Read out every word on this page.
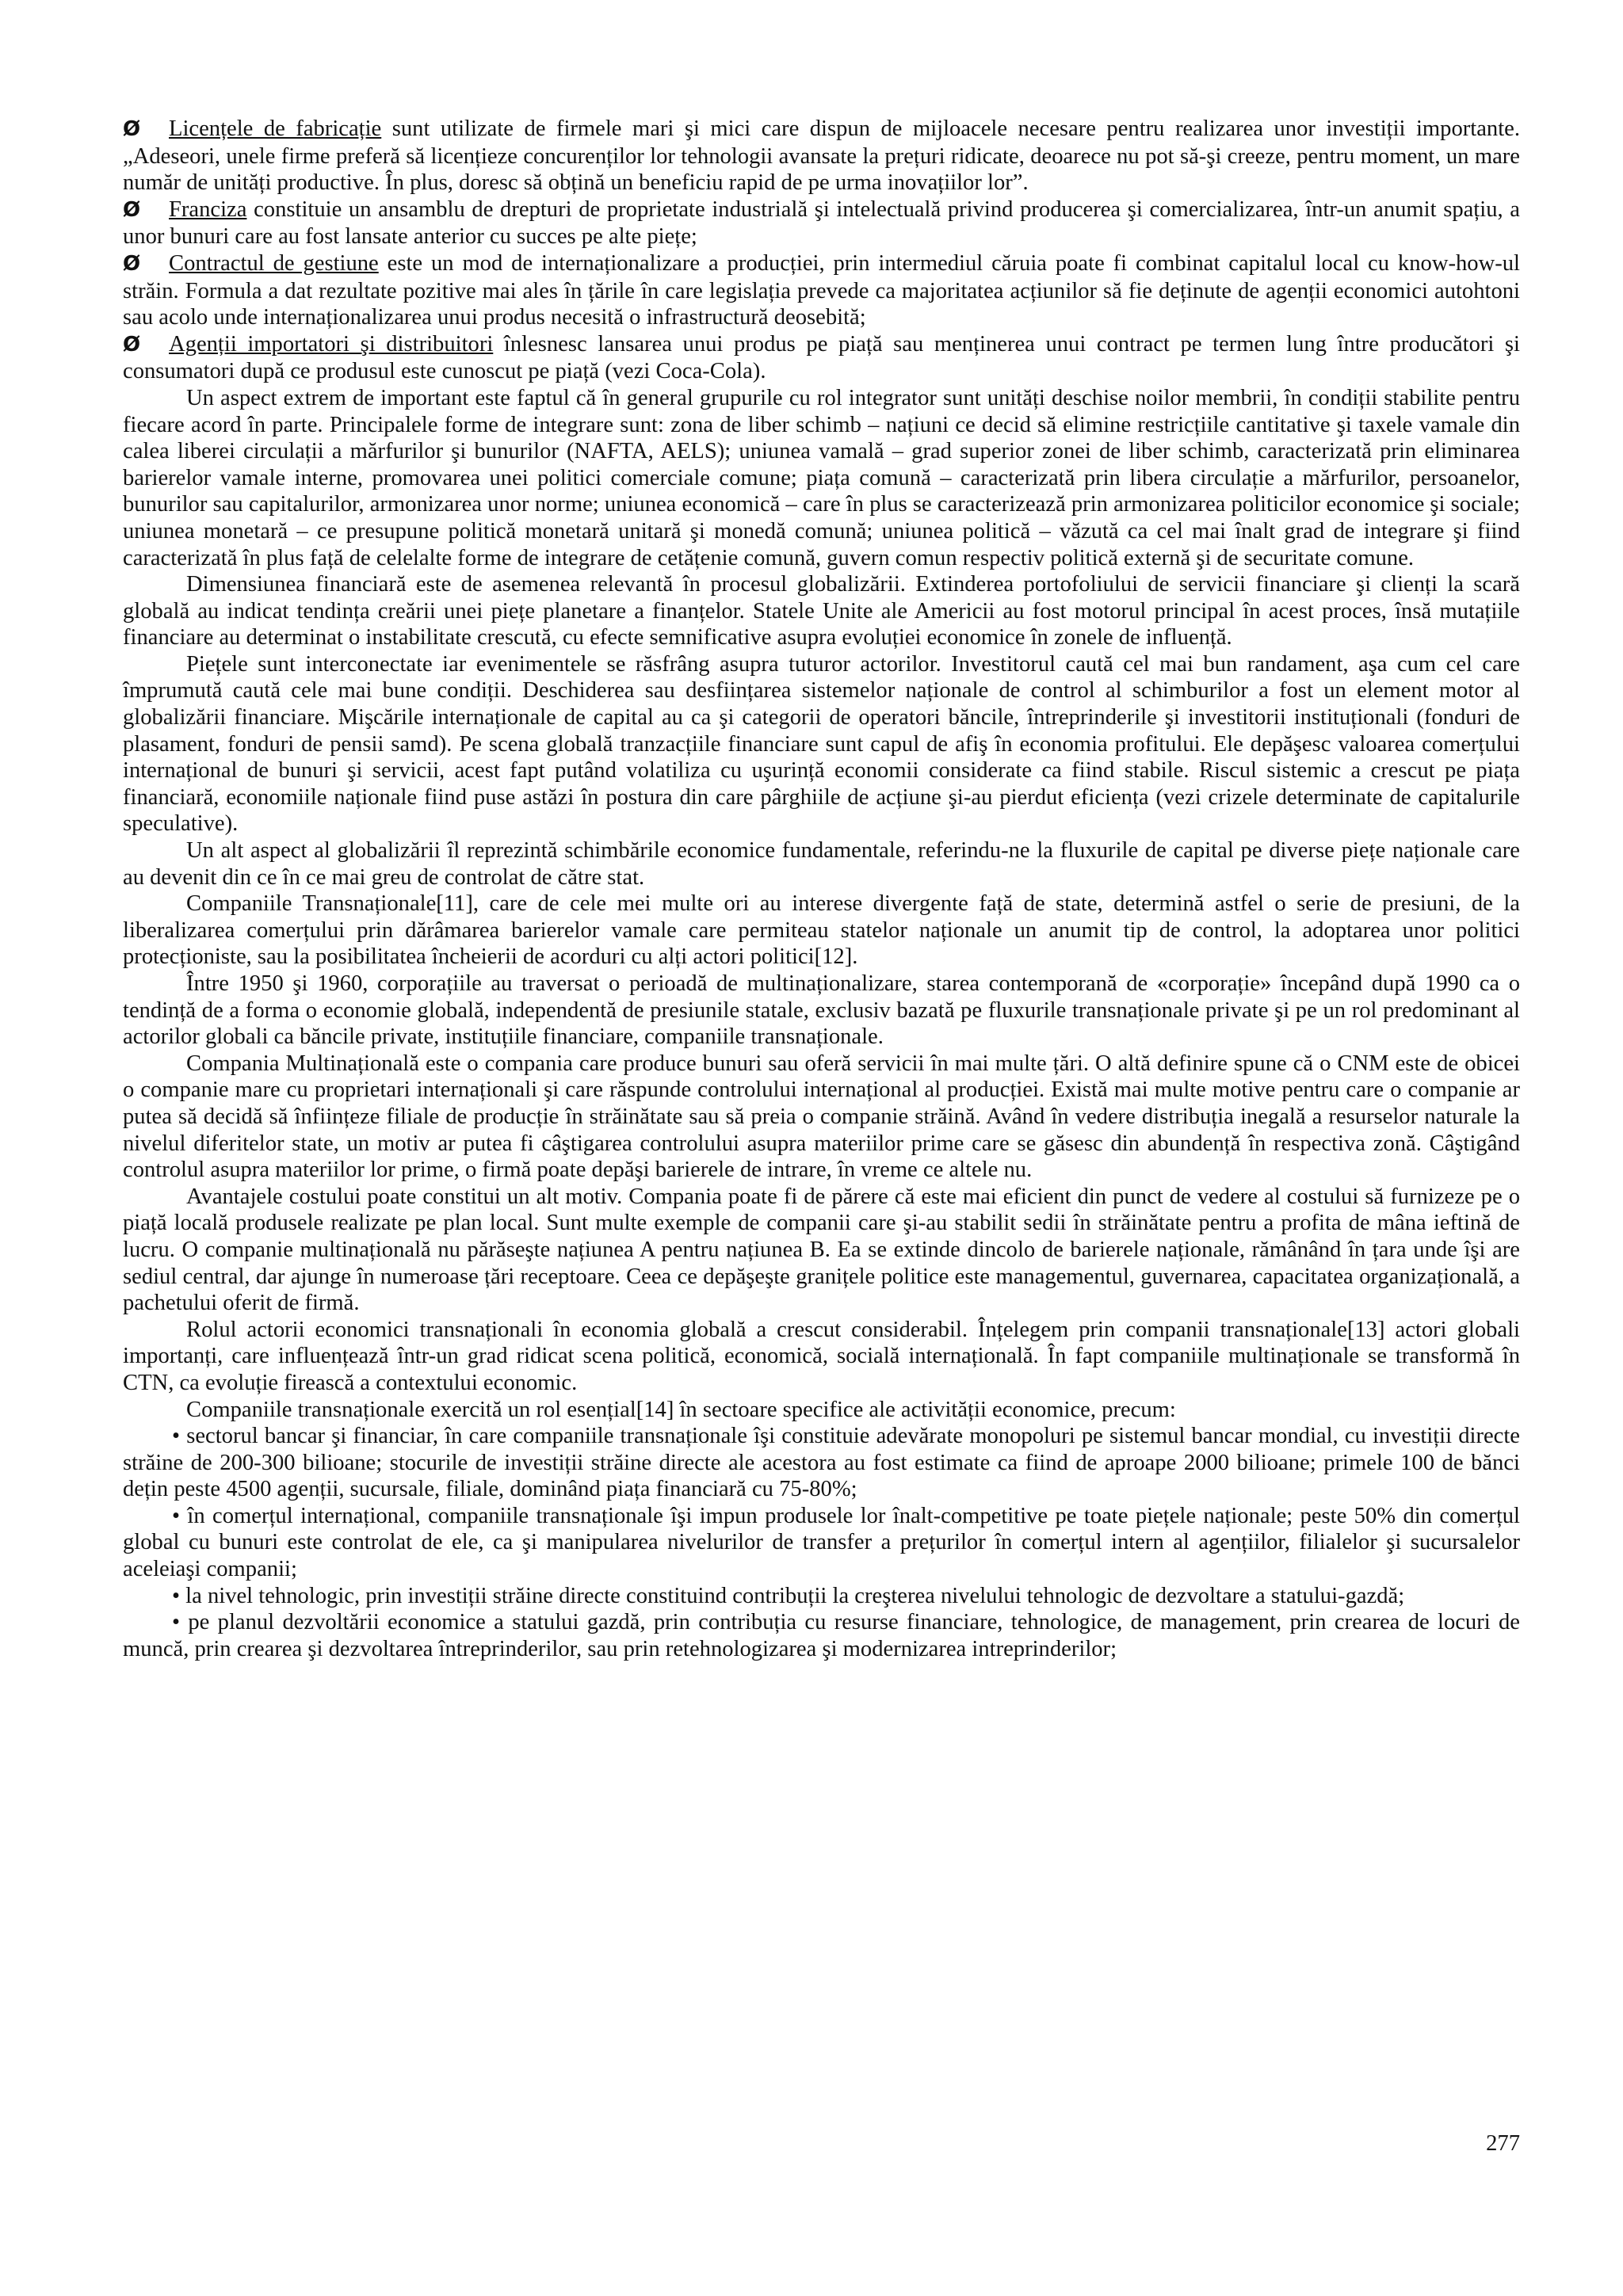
Ø Licențele de fabricație sunt utilizate de firmele mari şi mici care dispun de mijloacele necesare pentru realizarea unor investiții importante. „Adeseori, unele firme preferă să licențieze concurenților lor tehnologii avansate la prețuri ridicate, deoarece nu pot să-şi creeze, pentru moment, un mare număr de unități productive. În plus, doresc să obțină un beneficiu rapid de pe urma inovațiilor lor”.

Ø Franciza constituie un ansamblu de drepturi de proprietate industrială şi intelectuală privind producerea şi comercializarea, într-un anumit spațiu, a unor bunuri care au fost lansate anterior cu succes pe alte piețe;

Ø Contractul de gestiune este un mod de internaționalizare a producției, prin intermediul căruia poate fi combinat capitalul local cu know-how-ul străin. Formula a dat rezultate pozitive mai ales în țările în care legislația prevede ca majoritatea acțiunilor să fie deținute de agenții economici autohtoni sau acolo unde internaționalizarea unui produs necesită o infrastructură deosebită;

Ø Agenții importatori şi distribuitori înlesnesc lansarea unui produs pe piață sau menținerea unui contract pe termen lung între producători şi consumatori după ce produsul este cunoscut pe piață (vezi Coca-Cola).

Un aspect extrem de important este faptul că în general grupurile cu rol integrator sunt unități deschise noilor membrii, în condiții stabilite pentru fiecare acord în parte. Principalele forme de integrare sunt: zona de liber schimb – națiuni ce decid să elimine restricțiile cantitative şi taxele vamale din calea liberei circulații a mărfurilor şi bunurilor (NAFTA, AELS); uniunea vamală – grad superior zonei de liber schimb, caracterizată prin eliminarea barierelor vamale interne, promovarea unei politici comerciale comune; piața comună – caracterizată prin libera circulație a mărfurilor, persoanelor, bunurilor sau capitalurilor, armonizarea unor norme; uniunea economică – care în plus se caracterizează prin armonizarea politicilor economice şi sociale; uniunea monetară – ce presupune politică monetară unitară şi monedă comună; uniunea politică – văzută ca cel mai înalt grad de integrare şi fiind caracterizată în plus față de celelalte forme de integrare de cetățenie comună, guvern comun respectiv politică externă şi de securitate comune.

Dimensiunea financiară este de asemenea relevantă în procesul globalizării. Extinderea portofoliului de servicii financiare şi clienți la scară globală au indicat tendința creării unei piețe planetare a finanțelor. Statele Unite ale Americii au fost motorul principal în acest proces, însă mutațiile financiare au determinat o instabilitate crescută, cu efecte semnificative asupra evoluției economice în zonele de influență.

Piețele sunt interconectate iar evenimentele se răsfrâng asupra tuturor actorilor. Investitorul caută cel mai bun randament, aşa cum cel care împrumută caută cele mai bune condiții. Deschiderea sau desființarea sistemelor naționale de control al schimburilor a fost un element motor al globalizării financiare. Mişcările internaționale de capital au ca şi categorii de operatori băncile, întreprinderile şi investitorii instituționali (fonduri de plasament, fonduri de pensii samd). Pe scena globală tranzacțiile financiare sunt capul de afiş în economia profitului. Ele depăşesc valoarea comerțului internațional de bunuri şi servicii, acest fapt putând volatiliza cu uşurință economii considerate ca fiind stabile. Riscul sistemic a crescut pe piața financiară, economiile naționale fiind puse astăzi în postura din care pârghiile de acțiune şi-au pierdut eficiența (vezi crizele determinate de capitalurile speculative).

Un alt aspect al globalizării îl reprezintă schimbările economice fundamentale, referindu-ne la fluxurile de capital pe diverse piețe naționale care au devenit din ce în ce mai greu de controlat de către stat.

Companiile Transnaționale[11], care de cele mei multe ori au interese divergente față de state, determină astfel o serie de presiuni, de la liberalizarea comerțului prin dărâmarea barierelor vamale care permiteau statelor naționale un anumit tip de control, la adoptarea unor politici protecționiste, sau la posibilitatea încheierii de acorduri cu alți actori politici[12].

Între 1950 şi 1960, corporațiile au traversat o perioadă de multinaționalizare, starea contemporană de «corporație» începând după 1990 ca o tendință de a forma o economie globală, independentă de presiunile statale, exclusiv bazată pe fluxurile transnaționale private şi pe un rol predominant al actorilor globali ca băncile private, instituțiile financiare, companiile transnaționale.

Compania Multinațională este o compania care produce bunuri sau oferă servicii în mai multe țări. O altă definire spune că o CNM este de obicei o companie mare cu proprietari internaționali şi care răspunde controlului internațional al producției. Există mai multe motive pentru care o companie ar putea să decidă să înființeze filiale de producție în străinătate sau să preia o companie străină. Având în vedere distribuția inegală a resurselor naturale la nivelul diferitelor state, un motiv ar putea fi câştigarea controlului asupra materiilor prime care se găsesc din abundență în respectiva zonă. Câştigând controlul asupra materiilor lor prime, o firmă poate depăşi barierele de intrare, în vreme ce altele nu.

Avantajele costului poate constitui un alt motiv. Compania poate fi de părere că este mai eficient din punct de vedere al costului să furnizeze pe o piață locală produsele realizate pe plan local. Sunt multe exemple de companii care şi-au stabilit sedii în străinătate pentru a profita de mâna ieftină de lucru. O companie multinațională nu părăseşte națiunea A pentru națiunea B. Ea se extinde dincolo de barierele naționale, rămânând în țara unde îşi are sediul central, dar ajunge în numeroase țări receptoare. Ceea ce depăşeşte granițele politice este managementul, guvernarea, capacitatea organizațională, a pachetului oferit de firmă.

Rolul actorii economici transnaționali în economia globală a crescut considerabil. Înțelegem prin companii transnaționale[13] actori globali importanți, care influențează într-un grad ridicat scena politică, economică, socială internațională. În fapt companiile multinaționale se transformă în CTN, ca evoluție firească a contextului economic.

Companiile transnaționale exercită un rol esențial[14] în sectoare specifice ale activității economice, precum:

• sectorul bancar şi financiar, în care companiile transnaționale îşi constituie adevărate monopoluri pe sistemul bancar mondial, cu investiții directe străine de 200-300 bilioane; stocurile de investiții străine directe ale acestora au fost estimate ca fiind de aproape 2000 bilioane; primele 100 de bănci dețin peste 4500 agenții, sucursale, filiale, dominând piața financiară cu 75-80%;

• în comerțul internațional, companiile transnaționale îşi impun produsele lor înalt-competitive pe toate piețele naționale; peste 50% din comerțul global cu bunuri este controlat de ele, ca şi manipularea nivelurilor de transfer a prețurilor în comerțul intern al agențiilor, filialelor şi sucursalelor aceleiaşi companii;

• la nivel tehnologic, prin investiții străine directe constituind contribuții la creşterea nivelului tehnologic de dezvoltare a statului-gazdă;

• pe planul dezvoltării economice a statului gazdă, prin contribuția cu resurse financiare, tehnologice, de management, prin crearea de locuri de muncă, prin crearea şi dezvoltarea întreprinderilor, sau prin retehnologizarea şi modernizarea intreprinderilor;

277
